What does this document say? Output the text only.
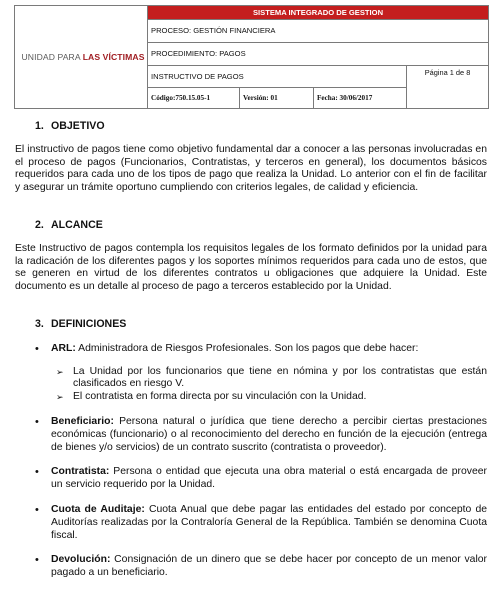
UNIDAD PARA LAS VÍCTIMAS	SISTEMA INTEGRADO DE GESTION			
	PROCESO: GESTIÓN FINANCIERA			
	PROCEDIMIENTO: PAGOS			
	INSTRUCTIVO DE PAGOS			Página 1 de 8
	Código:750.15.05-1	Versión: 01	Fecha: 30/06/2017	
1. OBJETIVO

El instructivo de pagos tiene como objetivo fundamental dar a conocer a las personas involucradas en el proceso de pagos (Funcionarios, Contratistas, y terceros en general), los documentos básicos requeridos para cada uno de los tipos de pago que realiza la Unidad. Lo anterior con el fin de facilitar y asegurar un trámite oportuno cumpliendo con criterios legales, de calidad y eficiencia.

2. ALCANCE

Este Instructivo de pagos contempla los requisitos legales de los formato definidos por la unidad para la radicación de los diferentes pagos y los soportes mínimos requeridos para cada uno de estos, que se generen en virtud de los diferentes contratos u obligaciones que adquiere la Unidad. Este documento es un detalle al proceso de pago a terceros establecido por la Unidad.

3. DEFINICIONES
• ARL: Administradora de Riesgos Profesionales. Son los pagos que debe hacer:
➢ La Unidad por los funcionarios que tiene en nómina y por los contratistas que están clasificados en riesgo V.
➢ El contratista en forma directa por su vinculación con la Unidad.
• Beneficiario: Persona natural o jurídica que tiene derecho a percibir ciertas prestaciones económicas (funcionario) o al reconocimiento del derecho en función de la ejecución (entrega de bienes y/o servicios) de un contrato suscrito (contratista o proveedor).
• Contratista: Persona o entidad que ejecuta una obra material o está encargada de proveer un servicio requerido por la Unidad.
• Cuota de Auditaje: Cuota Anual que debe pagar las entidades del estado por concepto de Auditorías realizadas por la Contraloría General de la República. También se denomina Cuota fiscal.
• Devolución: Consignación de un dinero que se debe hacer por concepto de un menor valor pagado a un beneficiario.
